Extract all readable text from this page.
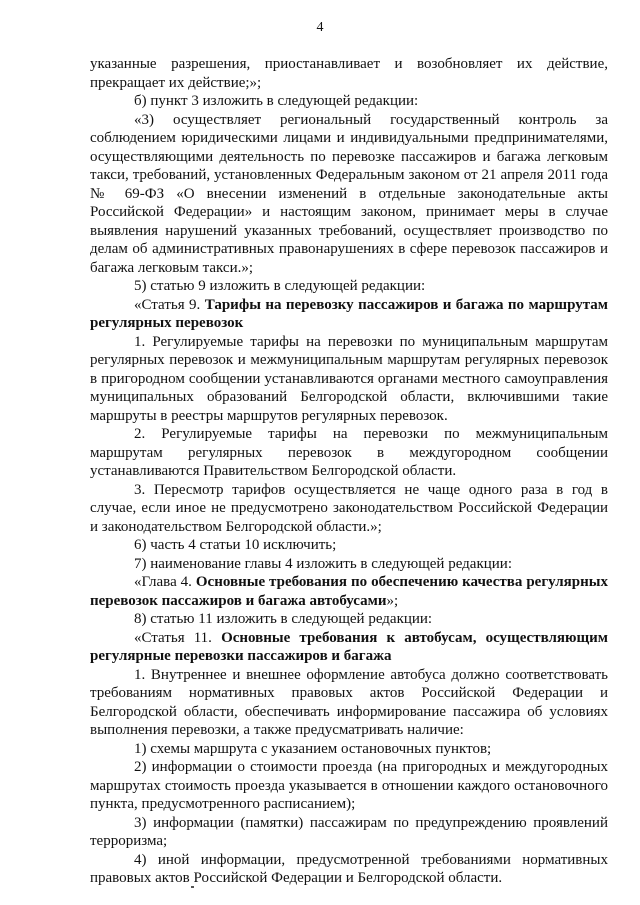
4

указанные разрешения, приостанавливает и возобновляет их действие, прекращает их действие;»;

б) пункт 3 изложить в следующей редакции:

«3) осуществляет региональный государственный контроль за соблюдением юридическими лицами и индивидуальными предпринимателями, осуществляющими деятельность по перевозке пассажиров и багажа легковым такси, требований, установленных Федеральным законом от 21 апреля 2011 года № 69-ФЗ «О внесении изменений в отдельные законодательные акты Российской Федерации» и настоящим законом, принимает меры в случае выявления нарушений указанных требований, осуществляет производство по делам об административных правонарушениях в сфере перевозок пассажиров и багажа легковым такси.»;

5) статью 9 изложить в следующей редакции:

«Статья 9. Тарифы на перевозку пассажиров и багажа по маршрутам регулярных перевозок

1. Регулируемые тарифы на перевозки по муниципальным маршрутам регулярных перевозок и межмуниципальным маршрутам регулярных перевозок в пригородном сообщении устанавливаются органами местного самоуправления муниципальных образований Белгородской области, включившими такие маршруты в реестры маршрутов регулярных перевозок.

2. Регулируемые тарифы на перевозки по межмуниципальным маршрутам регулярных перевозок в междугородном сообщении устанавливаются Правительством Белгородской области.

3. Пересмотр тарифов осуществляется не чаще одного раза в год в случае, если иное не предусмотрено законодательством Российской Федерации и законодательством Белгородской области.»;

6) часть 4 статьи 10 исключить;

7) наименование главы 4 изложить в следующей редакции:

«Глава 4. Основные требования по обеспечению качества регулярных перевозок пассажиров и багажа автобусами»;

8) статью 11 изложить в следующей редакции:

«Статья 11. Основные требования к автобусам, осуществляющим регулярные перевозки пассажиров и багажа

1. Внутреннее и внешнее оформление автобуса должно соответствовать требованиям нормативных правовых актов Российской Федерации и Белгородской области, обеспечивать информирование пассажира об условиях выполнения перевозки, а также предусматривать наличие:

1) схемы маршрута с указанием остановочных пунктов;

2) информации о стоимости проезда (на пригородных и междугородных маршрутах стоимость проезда указывается в отношении каждого остановочного пункта, предусмотренного расписанием);

3) информации (памятки) пассажирам по предупреждению проявлений терроризма;

4) иной информации, предусмотренной требованиями нормативных правовых актов Российской Федерации и Белгородской области.
